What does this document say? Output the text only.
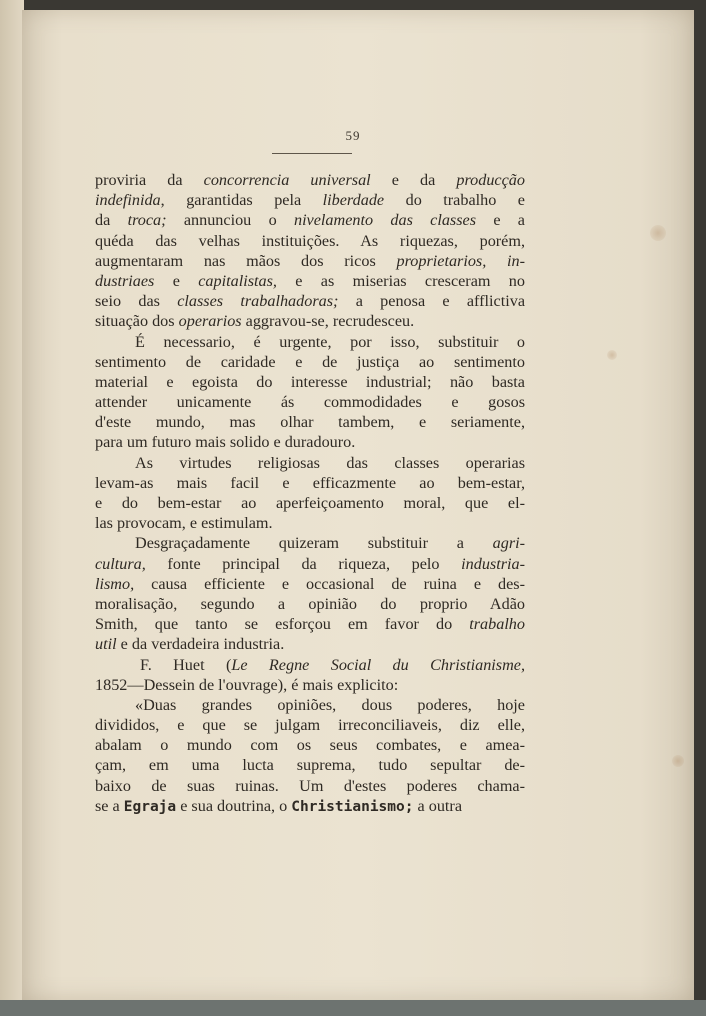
59
proviria da concorrencia universal e da producção
indefinida, garantidas pela liberdade do trabalho e
da troca; annunciou o nivelamento das classes e a
quéda das velhas instituições. As riquezas, porém,
augmentaram nas mãos dos ricos proprietarios, in-
dustriaes e capitalistas, e as miserias cresceram no
seio das classes trabalhadoras; a penosa e afflictiva
situação dos operarios aggravou-se, recrudesceu.
É necessario, é urgente, por isso, substituir o
sentimento de caridade e de justiça ao sentimento
material e egoista do interesse industrial; não basta
attender unicamente ás commodidades e gosos
d'este mundo, mas olhar tambem, e seriamente,
para um futuro mais solido e duradouro.
As virtudes religiosas das classes operarias
levam-as mais facil e efficazmente ao bem-estar,
e do bem-estar ao aperfeiçoamento moral, que el-
las provocam, e estimulam.
Desgraçadamente quizeram substituir a agri-
cultura, fonte principal da riqueza, pelo industria-
lismo, causa efficiente e occasional de ruina e des-
moralisação, segundo a opinião do proprio Adão
Smith, que tanto se esforçou em favor do trabalho
util e da verdadeira industria.
F. Huet (Le Regne Social du Christianisme,
1852—Dessein de l'ouvrage), é mais explicito:
«Duas grandes opiniões, dous poderes, hoje
divididos, e que se julgam irreconciliaveis, diz elle,
abalam o mundo com os seus combates, e amea-
çam, em uma lucta suprema, tudo sepultar de-
baixo de suas ruinas. Um d'estes poderes chama-
se a Egraja e sua doutrina, o Christianismo; a outra
